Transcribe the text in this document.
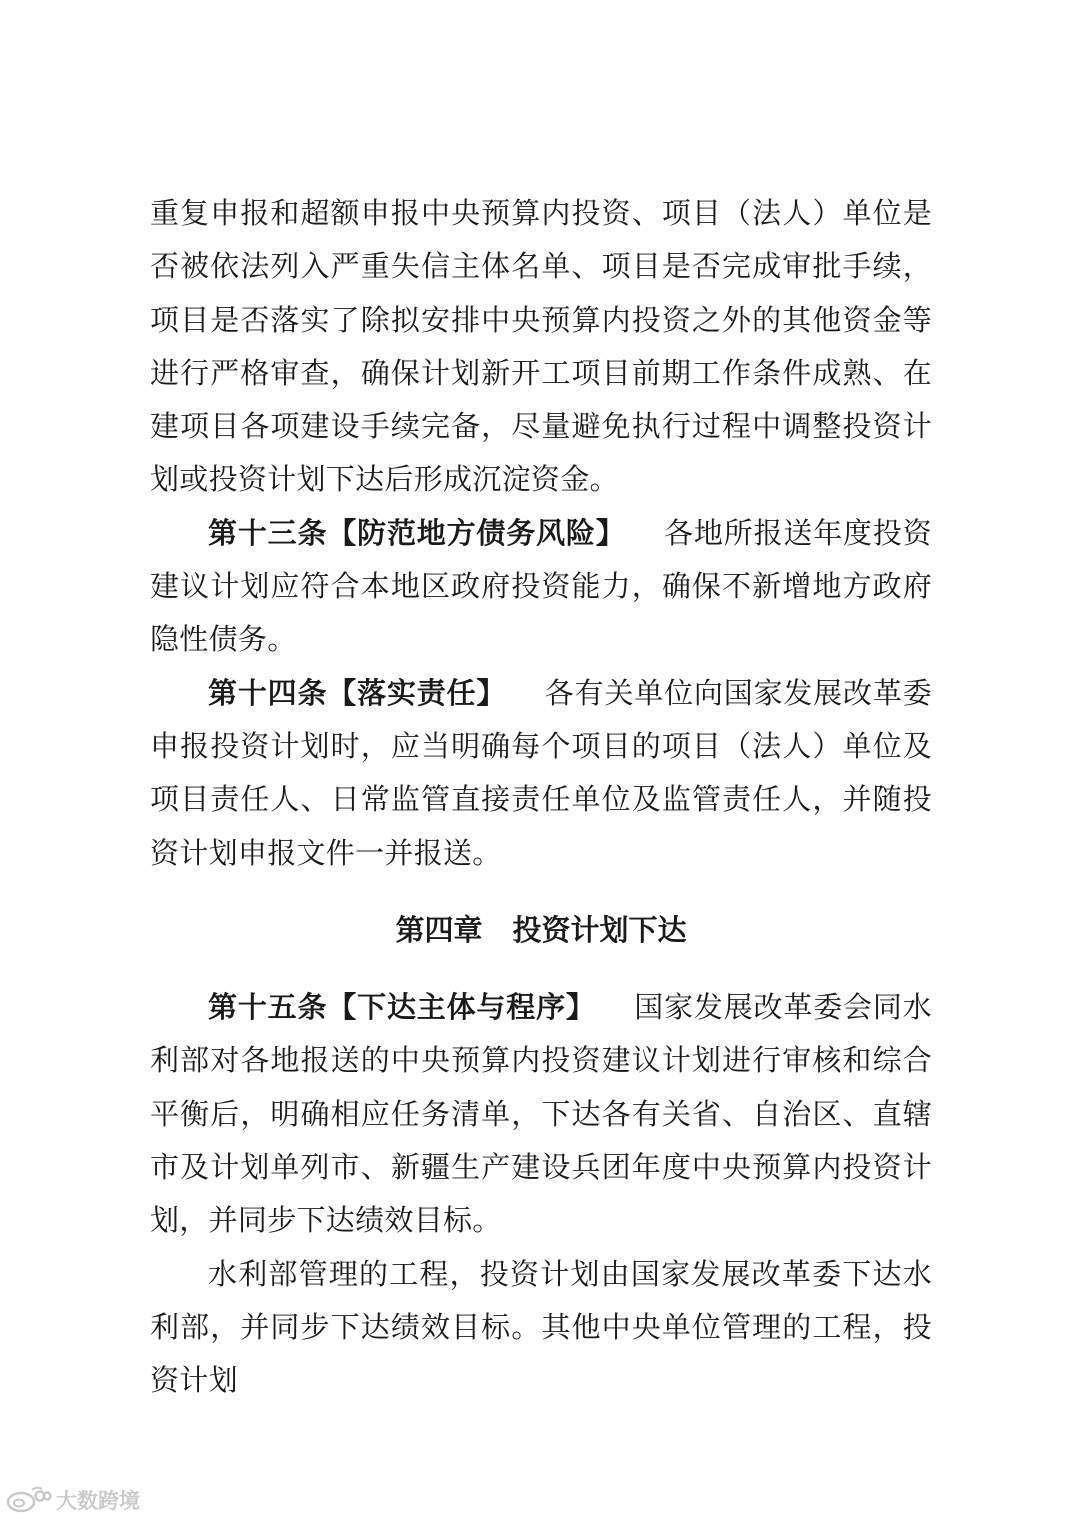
重复申报和超额申报中央预算内投资、项目（法人）单位是否被依法列入严重失信主体名单、项目是否完成审批手续，项目是否落实了除拟安排中央预算内投资之外的其他资金等进行严格审查，确保计划新开工项目前期工作条件成熟、在建项目各项建设手续完备，尽量避免执行过程中调整投资计划或投资计划下达后形成沉淀资金。

第十三条【防范地方债务风险】 各地所报送年度投资建议计划应符合本地区政府投资能力，确保不新增地方政府隐性债务。

第十四条【落实责任】 各有关单位向国家发展改革委申报投资计划时，应当明确每个项目的项目（法人）单位及项目责任人、日常监管直接责任单位及监管责任人，并随投资计划申报文件一并报送。

第四章 投资计划下达

第十五条【下达主体与程序】 国家发展改革委会同水利部对各地报送的中央预算内投资建议计划进行审核和综合平衡后，明确相应任务清单，下达各有关省、自治区、直辖市及计划单列市、新疆生产建设兵团年度中央预算内投资计划，并同步下达绩效目标。

水利部管理的工程，投资计划由国家发展改革委下达水利部，并同步下达绩效目标。其他中央单位管理的工程，投资计划

大数跨境
